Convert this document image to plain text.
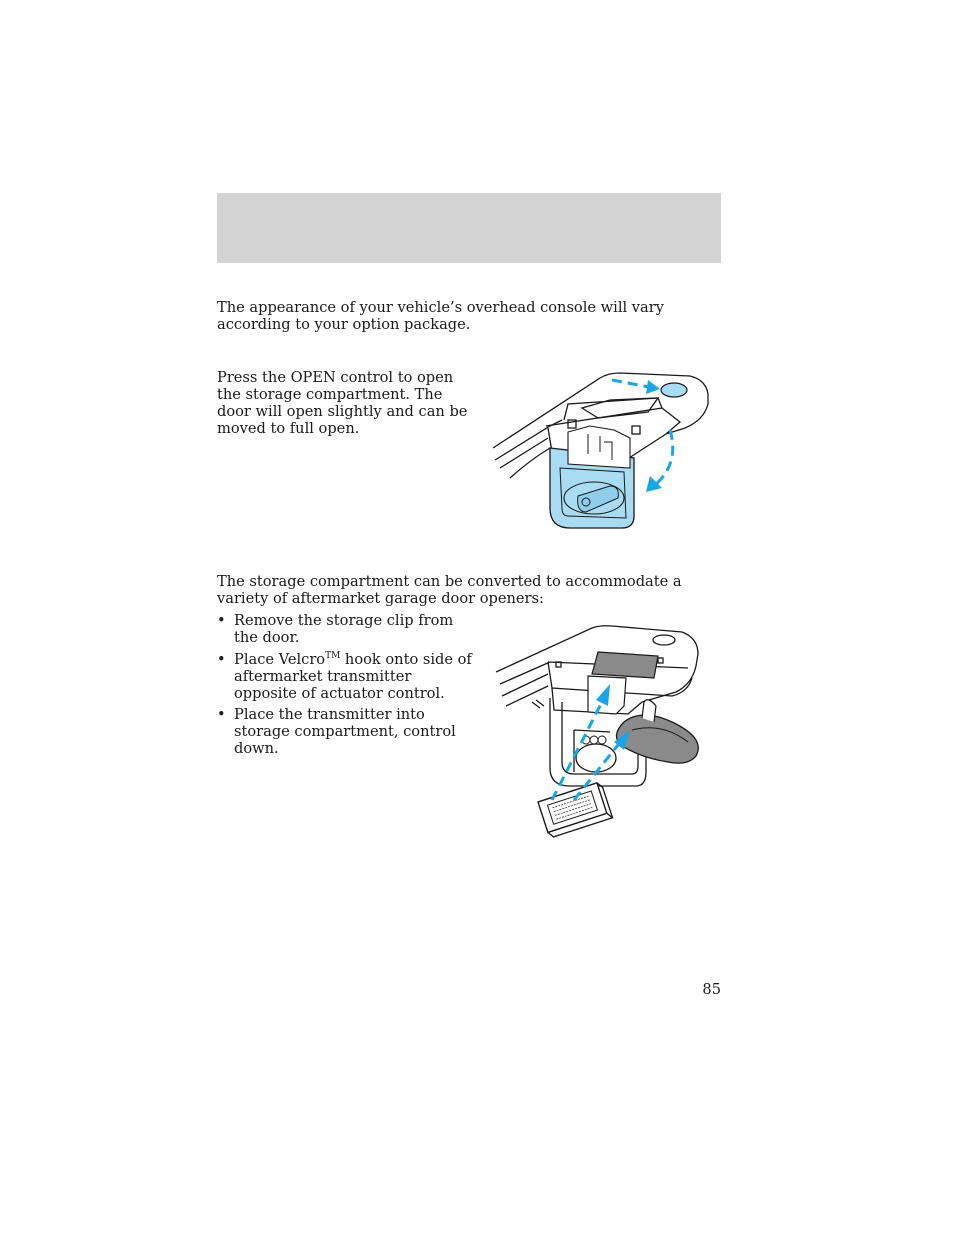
The appearance of your vehicle’s overhead console will vary according to your option package.

Press the OPEN control to open the storage compartment. The door will open slightly and can be moved to full open.

The storage compartment can be converted to accommodate a variety of aftermarket garage door openers:

• Remove the storage clip from the door.
• Place Velcro™ hook onto side of aftermarket transmitter opposite of actuator control.
• Place the transmitter into storage compartment, control down.
85
